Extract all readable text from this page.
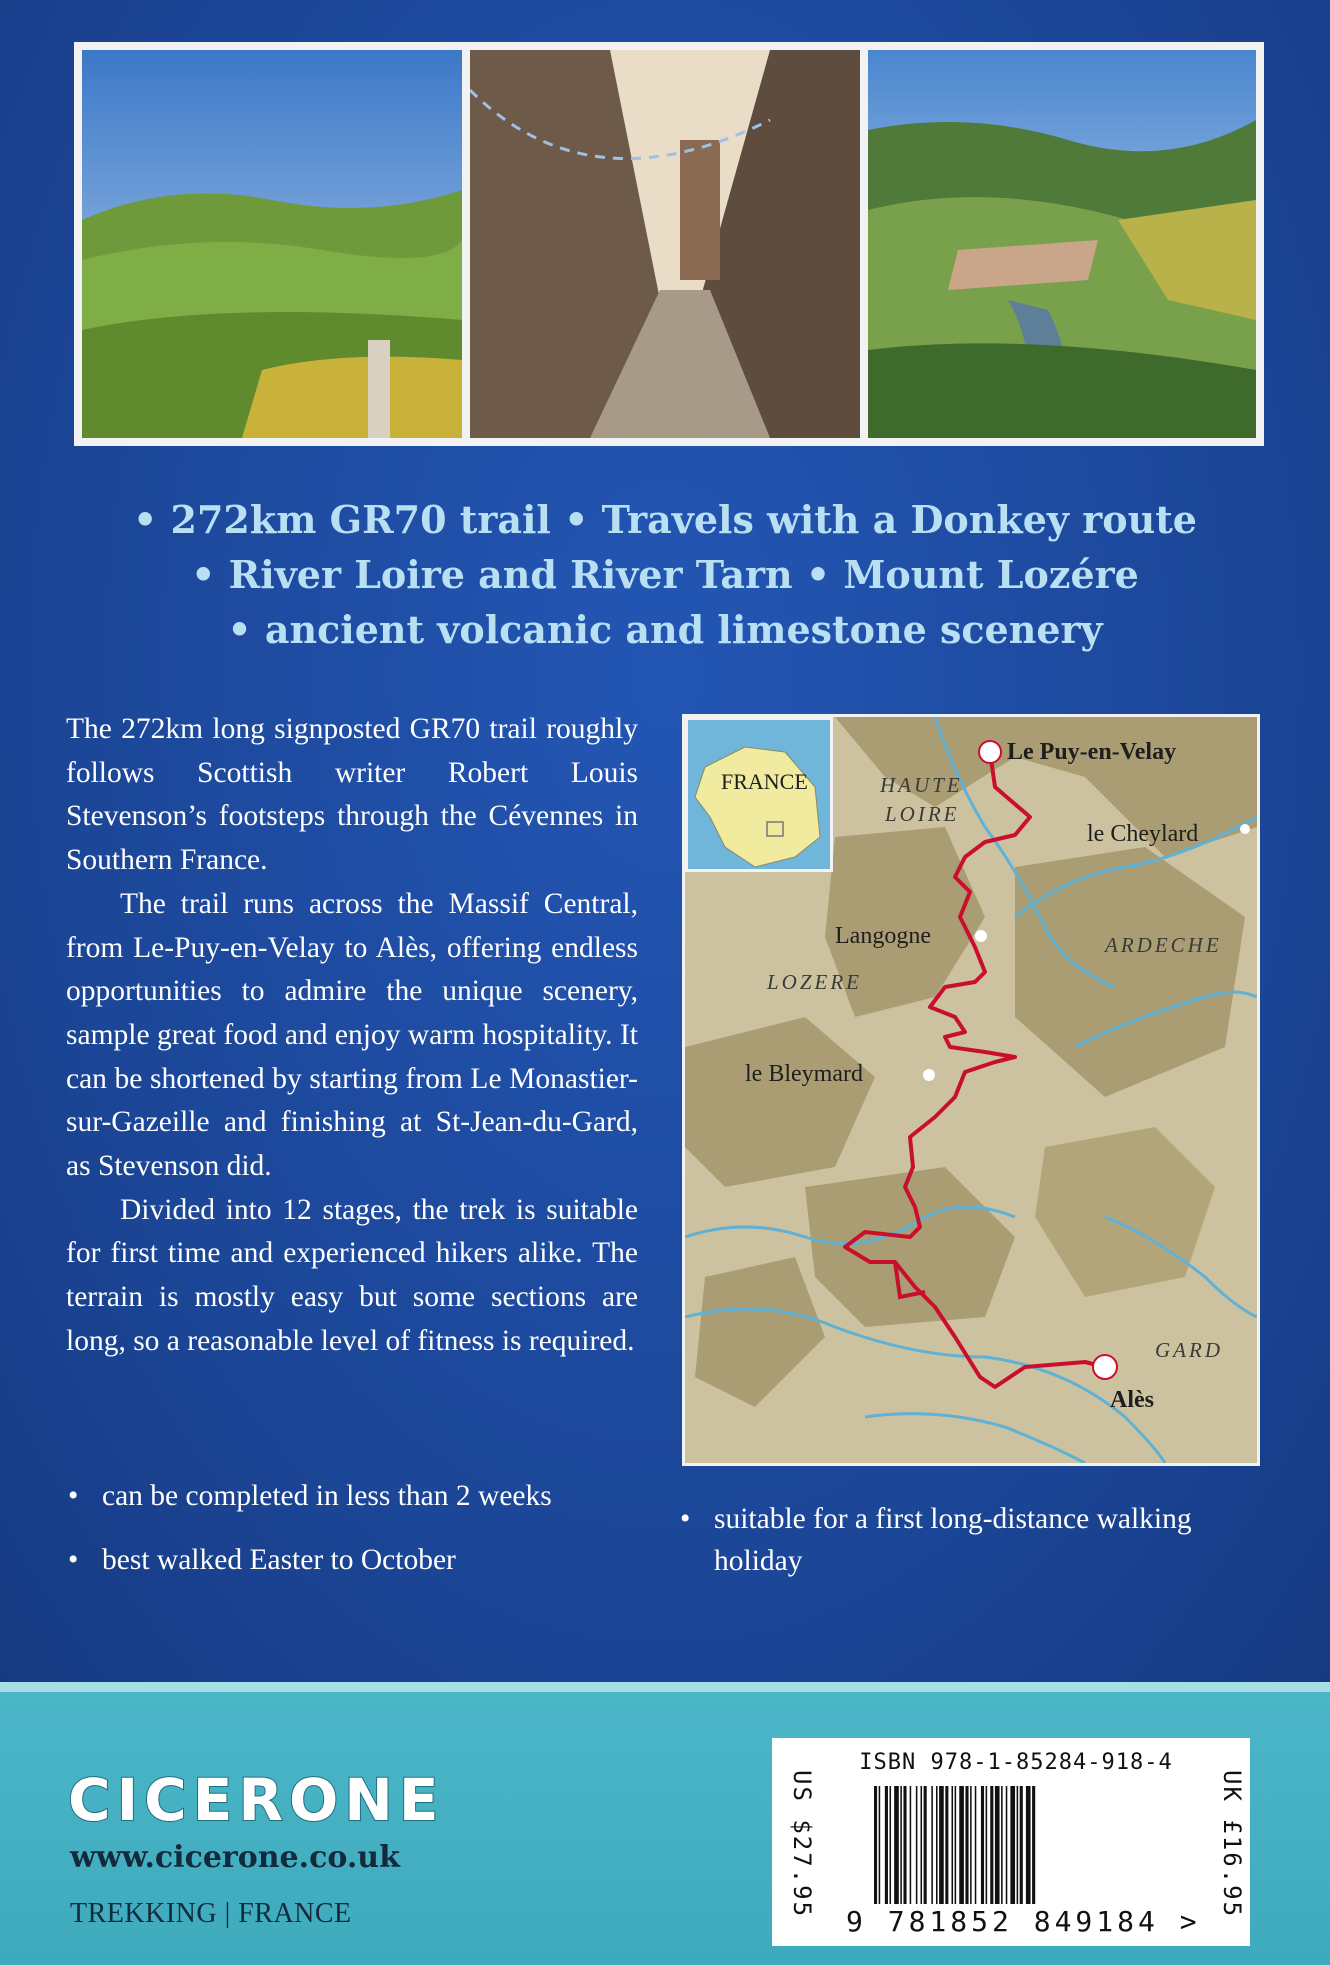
• 272km GR70 trail • Travels with a Donkey route
• River Loire and River Tarn • Mount Lozére
• ancient volcanic and limestone scenery

The 272km long signposted GR70 trail roughly follows Scottish writer Robert Louis Stevenson’s footsteps through the Cévennes in Southern France.

The trail runs across the Massif Central, from Le-Puy-en-Velay to Alès, offering endless opportunities to admire the unique scenery, sample great food and enjoy warm hospitality. It can be shortened by starting from Le Monastier-sur-Gazeille and finishing at St-Jean-du-Gard, as Stevenson did.

Divided into 12 stages, the trek is suitable for first time and experienced hikers alike. The terrain is mostly easy but some sections are long, so a reasonable level of fitness is required.

• can be completed in less than 2 weeks
• best walked Easter to October
• suitable for a first long-distance walking holiday
FRANCE
Le Puy-en-Velay
le Cheylard
Langogne
le Bleymard
Alès
HAUTE
LOIRE
ARDECHE
LOZERE
GARD
CICERONE
www.cicerone.co.uk
TREKKING | FRANCE	US $27.95	UK £16.95
ISBN 978-1-85284-918-4
9 781852 849184 >
